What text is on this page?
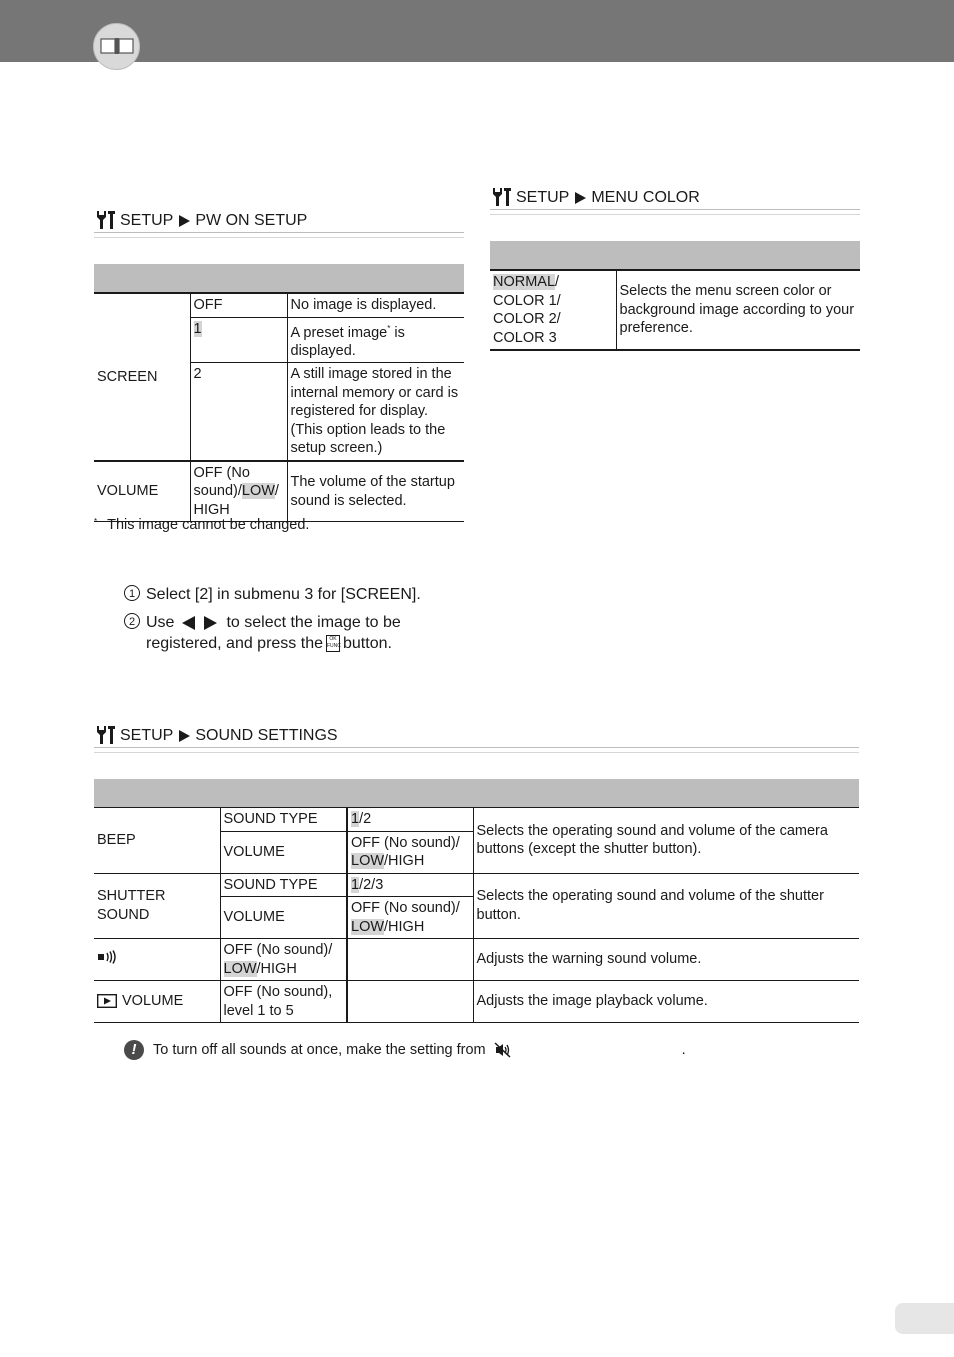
SETUP PW ON SETUP

SCREEN	OFF	No image is displayed.
	1	A preset image* is displayed.
	2	A still image stored in the internal memory or card is registered for display. (This option leads to the setup screen.)
VOLUME	OFF (No sound)/LOW/ HIGH	The volume of the startup sound is selected.
* This image cannot be changed.
1 Select [2] in submenu 3 for [SCREEN].
2 Use	to select the image to be
registered, and press the OK
FUNC button.
SETUP MENU COLOR

NORMAL/ COLOR 1/ COLOR 2/ COLOR 3	Selects the menu screen color or background image according to your preference.
SETUP SOUND SETTINGS

BEEP	SOUND TYPE	1/2	Selects the operating sound and volume of the camera buttons (except the shutter button).
	VOLUME	OFF (No sound)/
LOW/HIGH	
SHUTTER SOUND	SOUND TYPE	1/2/3	Selects the operating sound and volume of the shutter button.
	VOLUME	OFF (No sound)/
LOW/HIGH	
	OFF (No sound)/
LOW/HIGH		Adjusts the warning sound volume.
VOLUME	OFF (No sound), level 1 to 5		Adjusts the image playback volume.
!	To turn off all sounds at once, make the setting from	.
